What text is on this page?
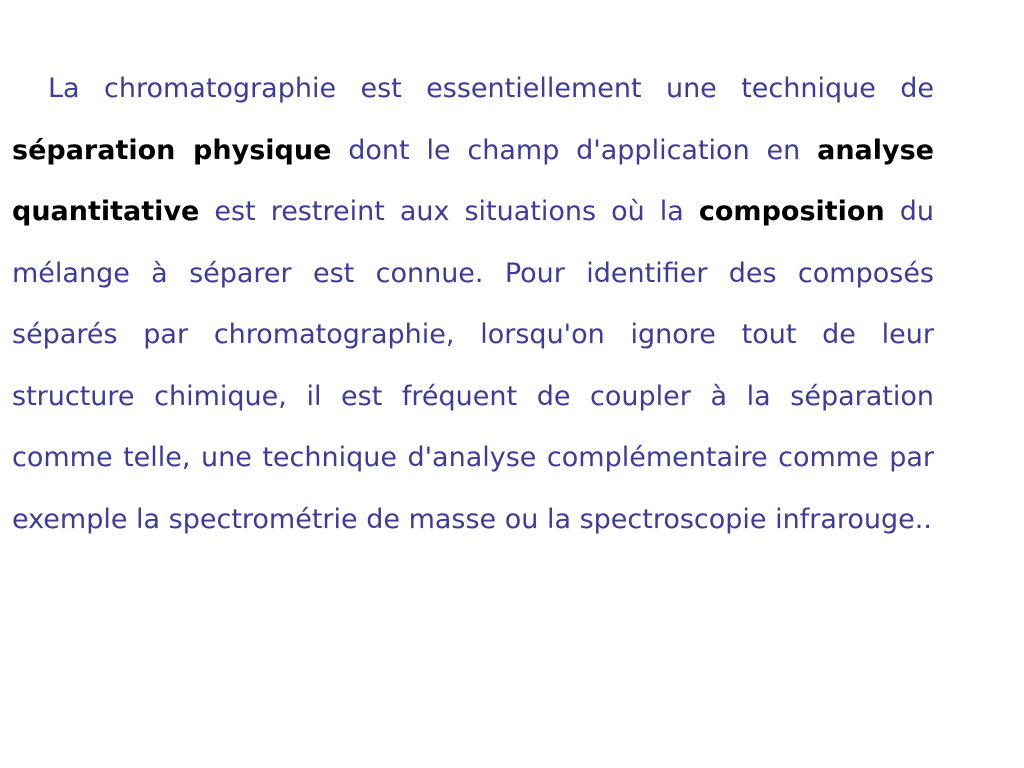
La chromatographie est essentiellement une technique de séparation physique dont le champ d'application en analyse quantitative est restreint aux situations où la composition du mélange à séparer est connue. Pour identifier des composés séparés par chromatographie, lorsqu'on ignore tout de leur structure chimique, il est fréquent de coupler à la séparation comme telle, une technique d'analyse complémentaire comme par exemple la spectrométrie de masse ou la spectroscopie infrarouge..
